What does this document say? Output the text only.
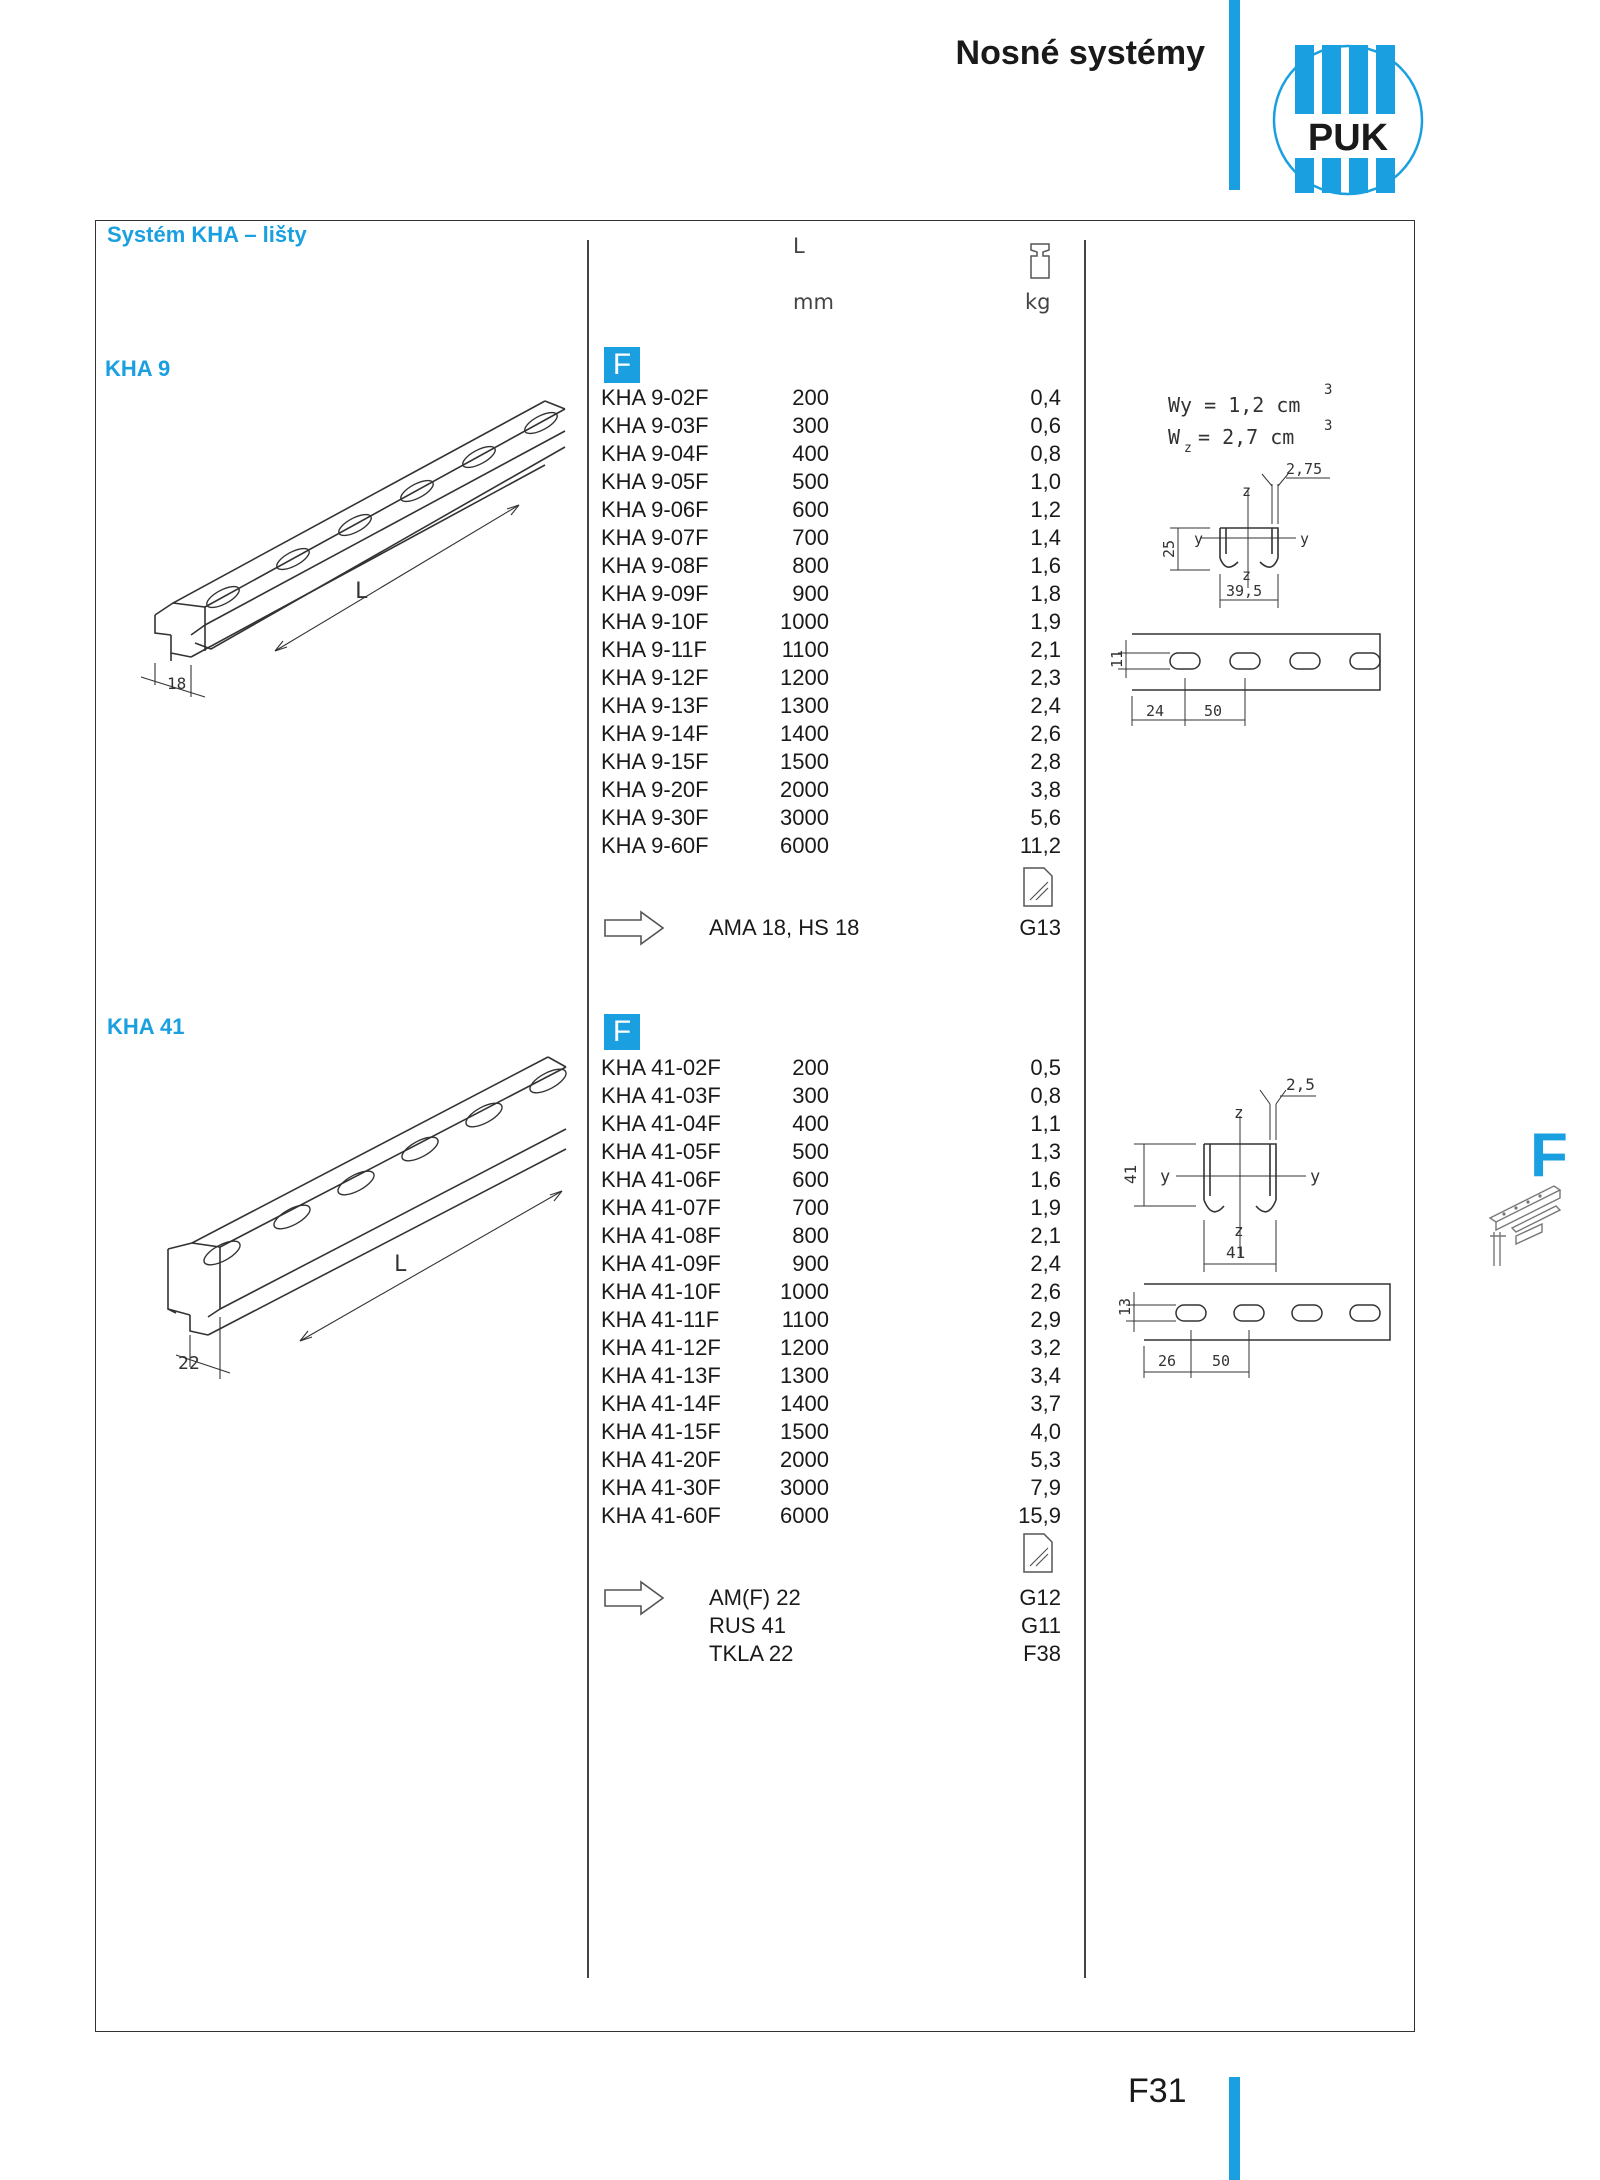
Nosné systémy
PUK
Systém KHA – lišty	L
mm	kg
KHA 9	F
KHA 9-02F	200	0,4
KHA 9-03F	300	0,6
KHA 9-04F	400	0,8
KHA 9-05F	500	1,0
KHA 9-06F	600	1,2
KHA 9-07F	700	1,4
KHA 9-08F	800	1,6
KHA 9-09F	900	1,8
KHA 9-10F	1000	1,9
KHA 9-11F	1100	2,1
KHA 9-12F	1200	2,3
KHA 9-13F	1300	2,4
KHA 9-14F	1400	2,6
KHA 9-15F	1500	2,8
KHA 9-20F	2000	3,8
KHA 9-30F	3000	5,6
KHA 9-60F	6000	11,2
AMA 18, HS 18	G13
L
18
Wy = 1,2 cm
3
W z = 2,7 cm 3
2,75
z
z
y	y
25
39,5
11
24	50
KHA 41	F
KHA 41-02F	200	0,5
KHA 41-03F	300	0,8
KHA 41-04F	400	1,1
KHA 41-05F	500	1,3
KHA 41-06F	600	1,6
KHA 41-07F	700	1,9
KHA 41-08F	800	2,1
KHA 41-09F	900	2,4
KHA 41-10F	1000	2,6
KHA 41-11F	1100	2,9
KHA 41-12F	1200	3,2
KHA 41-13F	1300	3,4
KHA 41-14F	1400	3,7
KHA 41-15F	1500	4,0
KHA 41-20F	2000	5,3
KHA 41-30F	3000	7,9
KHA 41-60F	6000	15,9
AM(F) 22	G12
RUS 41	G11
TKLA 22	F38
L
22
2,5
z
z
y	y
41
41
13
26 50
F
F31
